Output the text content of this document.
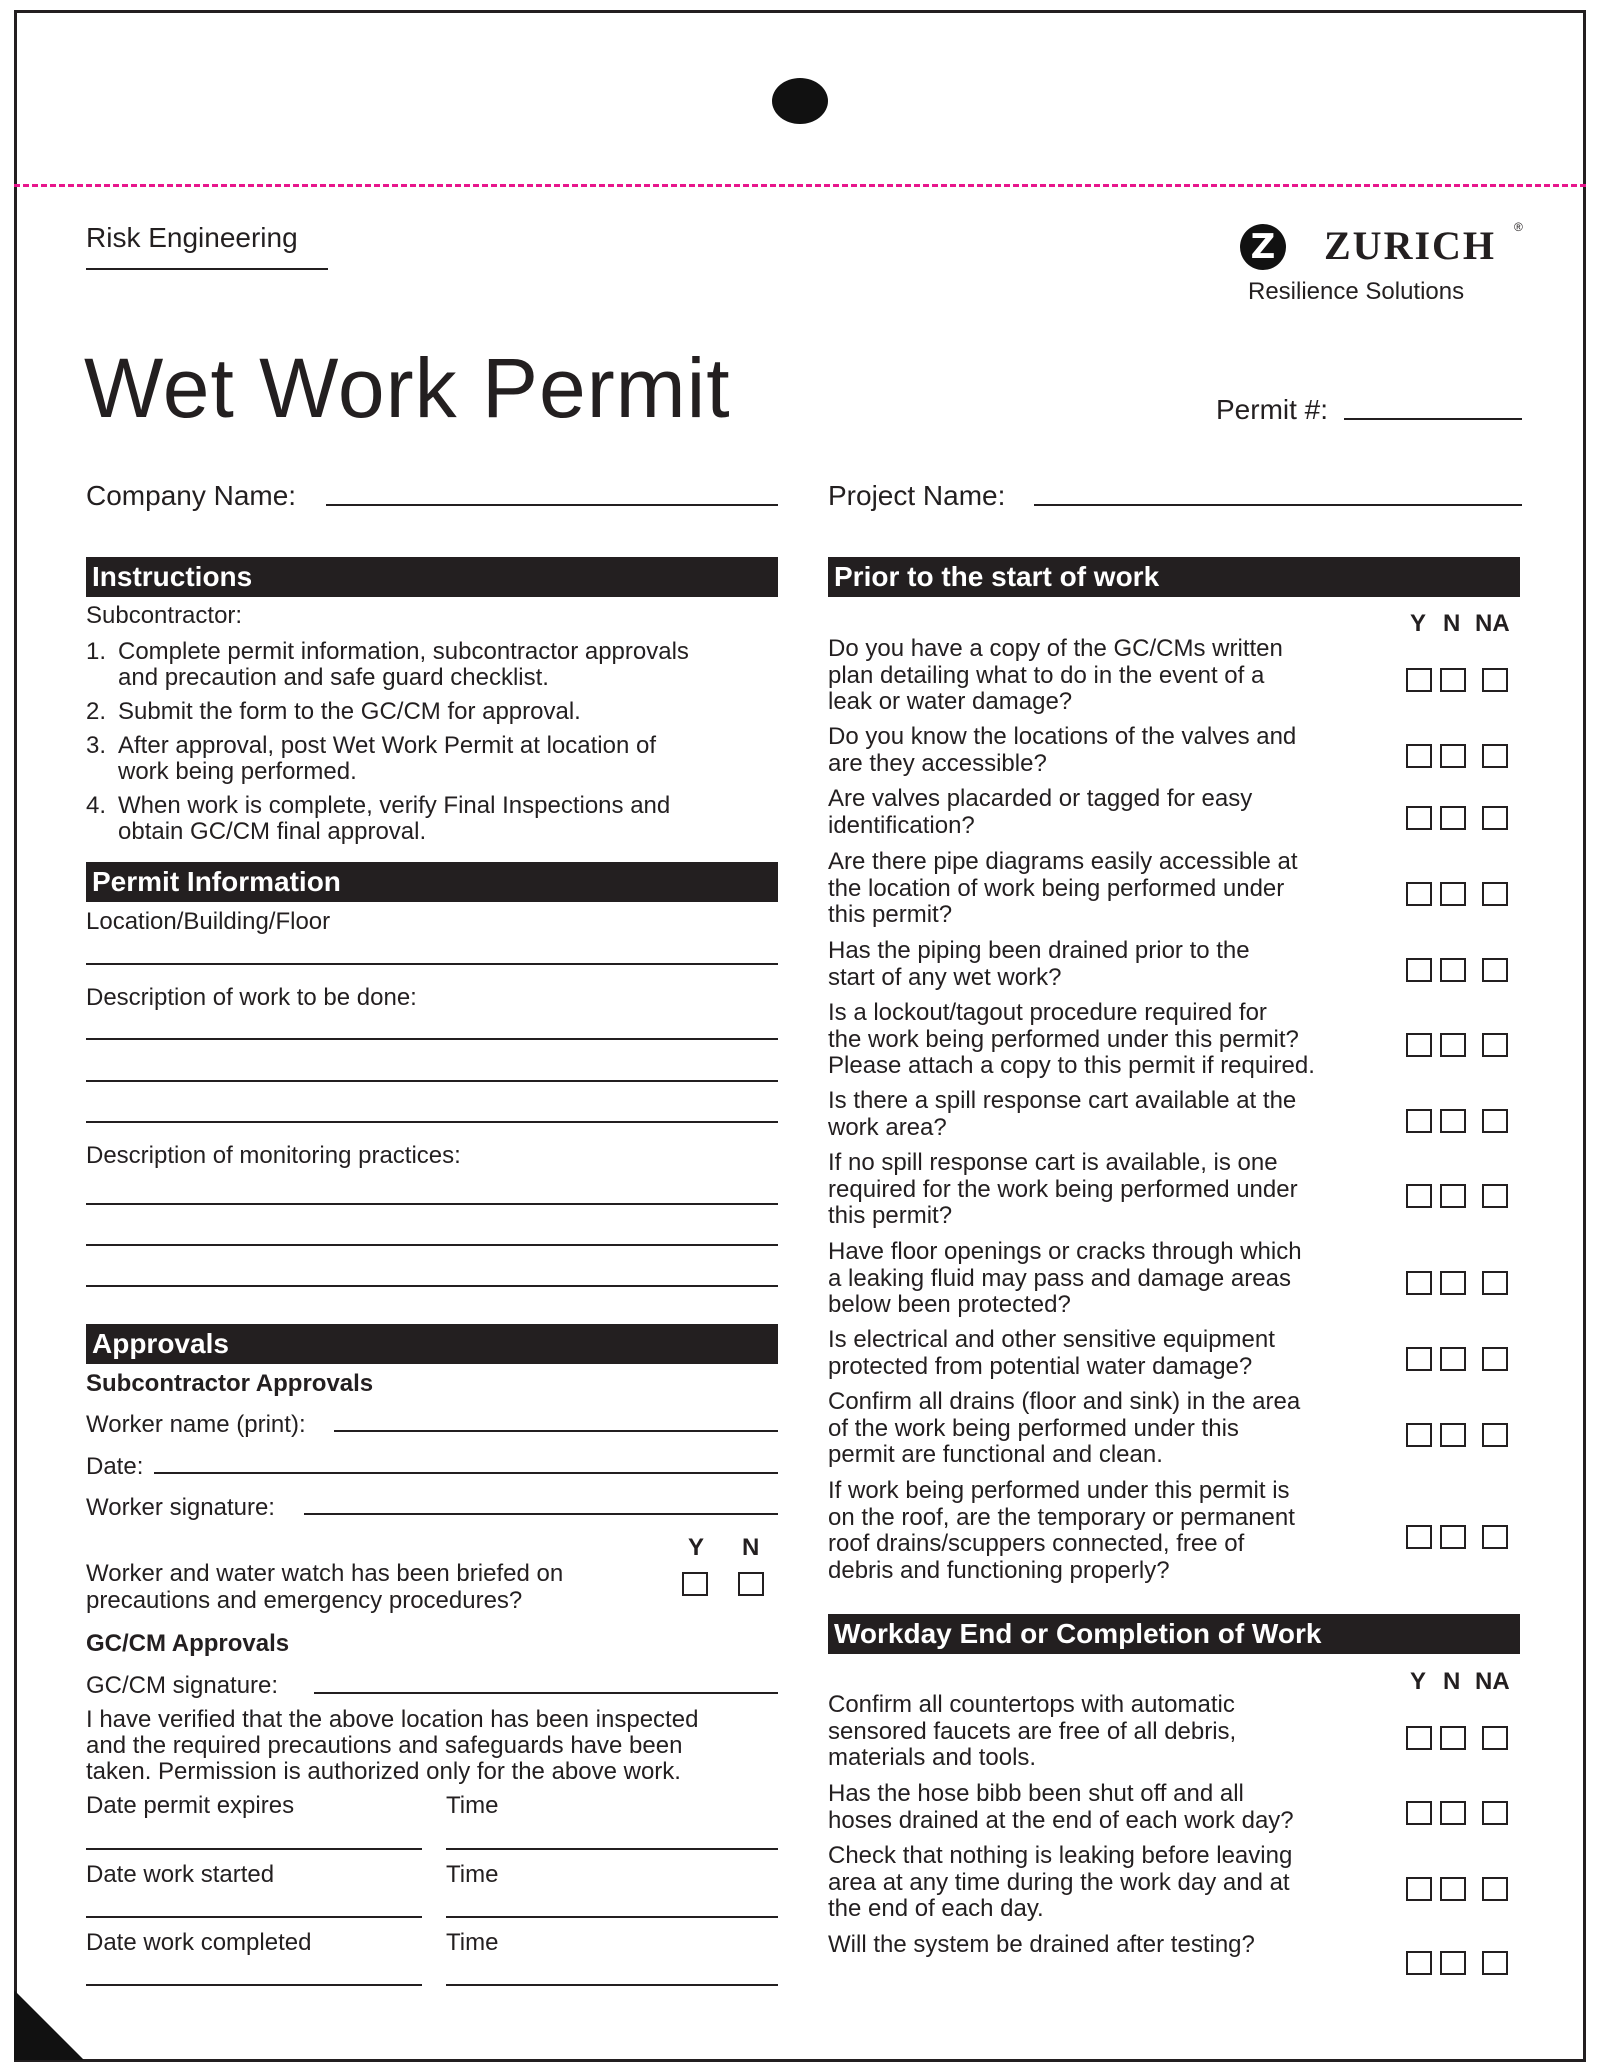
Risk Engineering	Z ZURICH ®
Resilience Solutions
Wet Work Permit	Permit #:
Company Name:	Project Name:
Instructions
Subcontractor:
1. Complete permit information, subcontractor approvals
and precaution and safe guard checklist.
2. Submit the form to the GC/CM for approval.
3. After approval, post Wet Work Permit at location of
work being performed.
4. When work is complete, verify Final Inspections and
obtain GC/CM final approval.
Permit Information
Location/Building/Floor
Description of work to be done:
Description of monitoring practices:
Approvals
Subcontractor Approvals
Worker name (print):
Date:
Worker signature:
Y N
Worker and water watch has been briefed on
precautions and emergency procedures?
GC/CM Approvals
GC/CM signature:
I have verified that the above location has been inspected
and the required precautions and safeguards have been
taken. Permission is authorized only for the above work.
Date permit expires	Time
Date work started	Time
Date work completed	Time
Prior to the start of work
Y N NA
Do you have a copy of the GC/CMs written
plan detailing what to do in the event of a
leak or water damage?
Do you know the locations of the valves and
are they accessible?
Are valves placarded or tagged for easy
identification?
Are there pipe diagrams easily accessible at
the location of work being performed under
this permit?
Has the piping been drained prior to the
start of any wet work?
Is a lockout/tagout procedure required for
the work being performed under this permit?
Please attach a copy to this permit if required.
Is there a spill response cart available at the
work area?
If no spill response cart is available, is one
required for the work being performed under
this permit?
Have floor openings or cracks through which
a leaking fluid may pass and damage areas
below been protected?
Is electrical and other sensitive equipment
protected from potential water damage?
Confirm all drains (floor and sink) in the area
of the work being performed under this
permit are functional and clean.
If work being performed under this permit is
on the roof, are the temporary or permanent
roof drains/scuppers connected, free of
debris and functioning properly?
Workday End or Completion of Work
Y N NA
Confirm all countertops with automatic
sensored faucets are free of all debris,
materials and tools.
Has the hose bibb been shut off and all
hoses drained at the end of each work day?
Check that nothing is leaking before leaving
area at any time during the work day and at
the end of each day.
Will the system be drained after testing?
